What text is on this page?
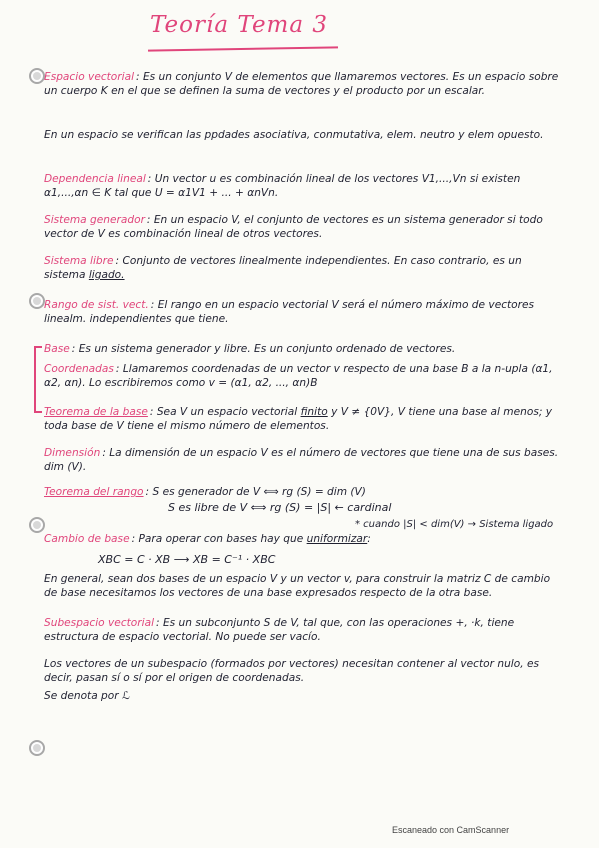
Teoría Tema 3
Espacio vectorial : Es un conjunto V de elementos que llamaremos vectores. Es un espacio sobre un cuerpo K en el que se definen la suma de vectores y el producto por un escalar.
En un espacio se verifican las ppdades asociativa, conmutativa, elem. neutro y elem opuesto.
Dependencia lineal : Un vector u es combinación lineal de los vectores V1,...,Vn si existen α1,...,αn ∈ K tal que U = α1V1 + ... + αnVn.
Sistema generador : En un espacio V, el conjunto de vectores es un sistema generador si todo vector de V es combinación lineal de otros vectores.
Sistema libre : Conjunto de vectores linealmente independientes. En caso contrario, es un sistema ligado.
Rango de sist. vect. : El rango en un espacio vectorial V será el número máximo de vectores linealm. independientes que tiene.
Base : Es un sistema generador y libre. Es un conjunto ordenado de vectores.
Coordenadas : Llamaremos coordenadas de un vector v respecto de una base B a la n-upla (α1, α2, αn). Lo escribiremos como v = (α1, α2, ..., αn)B
Teorema de la base : Sea V un espacio vectorial finito y V ≠ {0V}, V tiene una base al menos; y toda base de V tiene el mismo número de elementos.
Dimensión : La dimensión de un espacio V es el número de vectores que tiene una de sus bases. dim (V).
Teorema del rango : S es generador de V ⟺ rg (S) = dim (V)
S es libre de V ⟺ rg (S) = |S| ← cardinal
* cuando |S| < dim(V) → Sistema ligado
Cambio de base : Para operar con bases hay que uniformizar:
XBC = C · XB ⟶ XB = C⁻¹ · XBC
En general, sean dos bases de un espacio V y un vector v, para construir la matriz C de cambio de base necesitamos los vectores de una base expresados respecto de la otra base.
Subespacio vectorial : Es un subconjunto S de V, tal que, con las operaciones +, ·k, tiene estructura de espacio vectorial. No puede ser vacío.
Los vectores de un subespacio (formados por vectores) necesitan contener al vector nulo, es decir, pasan sí o sí por el origen de coordenadas.
Se denota por ℒ
Escaneado con CamScanner
